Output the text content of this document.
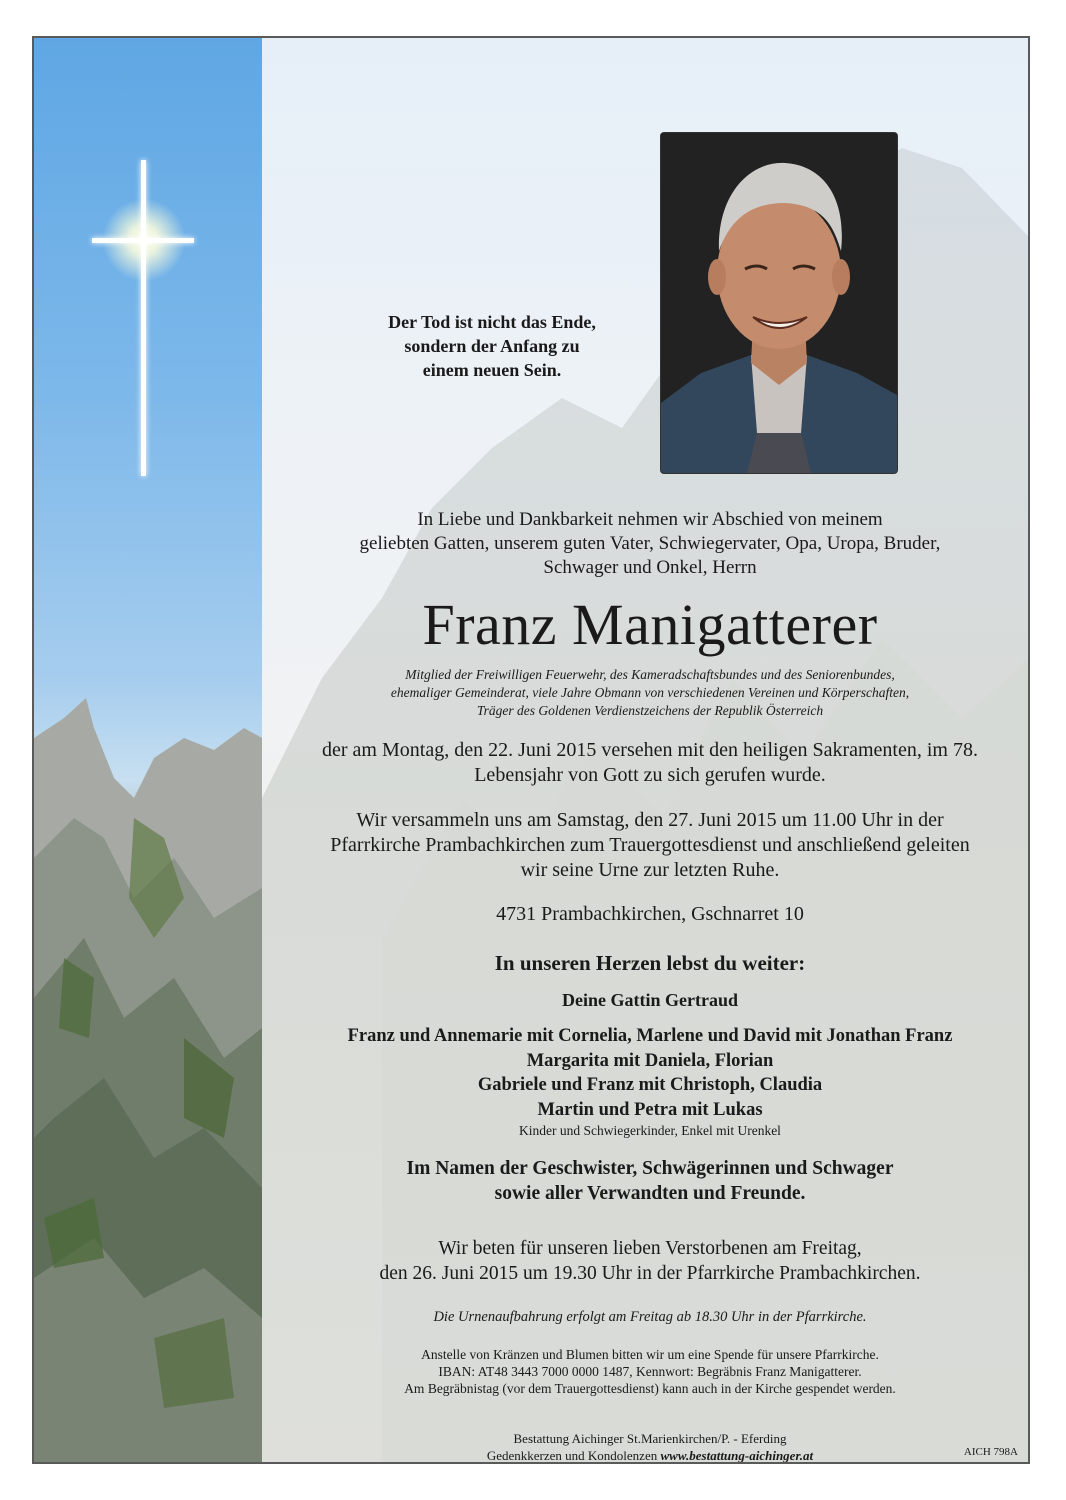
Der Tod ist nicht das Ende,
sondern der Anfang zu
einem neuen Sein.
In Liebe und Dankbarkeit nehmen wir Abschied von meinem
geliebten Gatten, unserem guten Vater, Schwiegervater, Opa, Uropa, Bruder,
Schwager und Onkel, Herrn
Franz Manigatterer
Mitglied der Freiwilligen Feuerwehr, des Kameradschaftsbundes und des Seniorenbundes,
ehemaliger Gemeinderat, viele Jahre Obmann von verschiedenen Vereinen und Körperschaften,
Träger des Goldenen Verdienstzeichens der Republik Österreich
der am Montag, den 22. Juni 2015 versehen mit den heiligen Sakramenten, im 78.
Lebensjahr von Gott zu sich gerufen wurde.
Wir versammeln uns am Samstag, den 27. Juni 2015 um 11.00 Uhr in der
Pfarrkirche Prambachkirchen zum Trauergottesdienst und anschließend geleiten
wir seine Urne zur letzten Ruhe.
4731 Prambachkirchen, Gschnarret 10
In unseren Herzen lebst du weiter:
Deine Gattin Gertraud
Franz und Annemarie mit Cornelia, Marlene und David mit Jonathan Franz
Margarita mit Daniela, Florian
Gabriele und Franz mit Christoph, Claudia
Martin und Petra mit Lukas
Kinder und Schwiegerkinder, Enkel mit Urenkel
Im Namen der Geschwister, Schwägerinnen und Schwager
sowie aller Verwandten und Freunde.
Wir beten für unseren lieben Verstorbenen am Freitag,
den 26. Juni 2015 um 19.30 Uhr in der Pfarrkirche Prambachkirchen.
Die Urnenaufbahrung erfolgt am Freitag ab 18.30 Uhr in der Pfarrkirche.
Anstelle von Kränzen und Blumen bitten wir um eine Spende für unsere Pfarrkirche.
IBAN: AT48 3443 7000 0000 1487, Kennwort: Begräbnis Franz Manigatterer.
Am Begräbnistag (vor dem Trauergottesdienst) kann auch in der Kirche gespendet werden.
Bestattung Aichinger St.Marienkirchen/P. - Eferding
Gedenkkerzen und Kondolenzen www.bestattung-aichinger.at	AICH 798A
